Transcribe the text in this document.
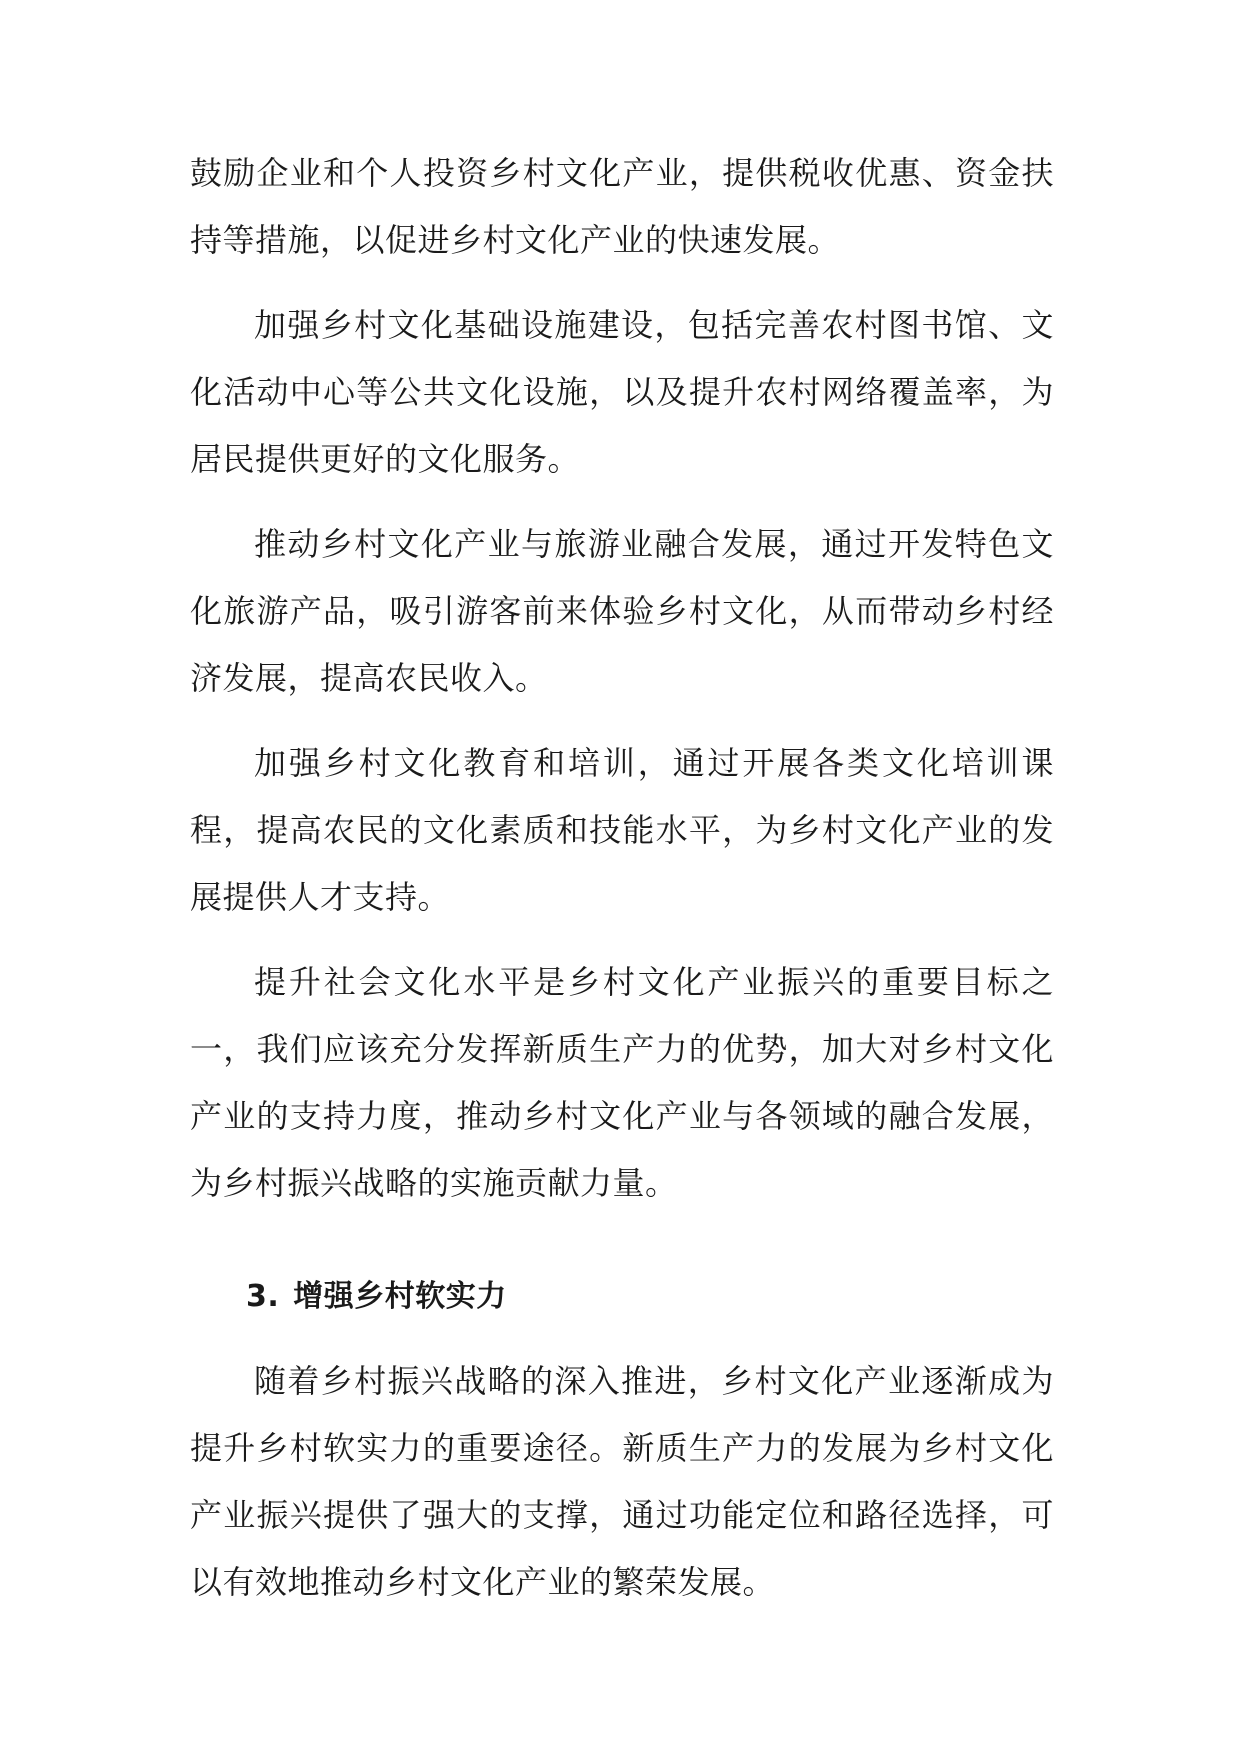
鼓励企业和个人投资乡村文化产业，提供税收优惠、资金扶持等措施，以促进乡村文化产业的快速发展。

加强乡村文化基础设施建设，包括完善农村图书馆、文化活动中心等公共文化设施，以及提升农村网络覆盖率，为居民提供更好的文化服务。

推动乡村文化产业与旅游业融合发展，通过开发特色文化旅游产品，吸引游客前来体验乡村文化，从而带动乡村经济发展，提高农民收入。

加强乡村文化教育和培训，通过开展各类文化培训课程，提高农民的文化素质和技能水平，为乡村文化产业的发展提供人才支持。

提升社会文化水平是乡村文化产业振兴的重要目标之一，我们应该充分发挥新质生产力的优势，加大对乡村文化产业的支持力度，推动乡村文化产业与各领域的融合发展，为乡村振兴战略的实施贡献力量。

3. 增强乡村软实力

随着乡村振兴战略的深入推进，乡村文化产业逐渐成为提升乡村软实力的重要途径。新质生产力的发展为乡村文化产业振兴提供了强大的支撑，通过功能定位和路径选择，可以有效地推动乡村文化产业的繁荣发展。
